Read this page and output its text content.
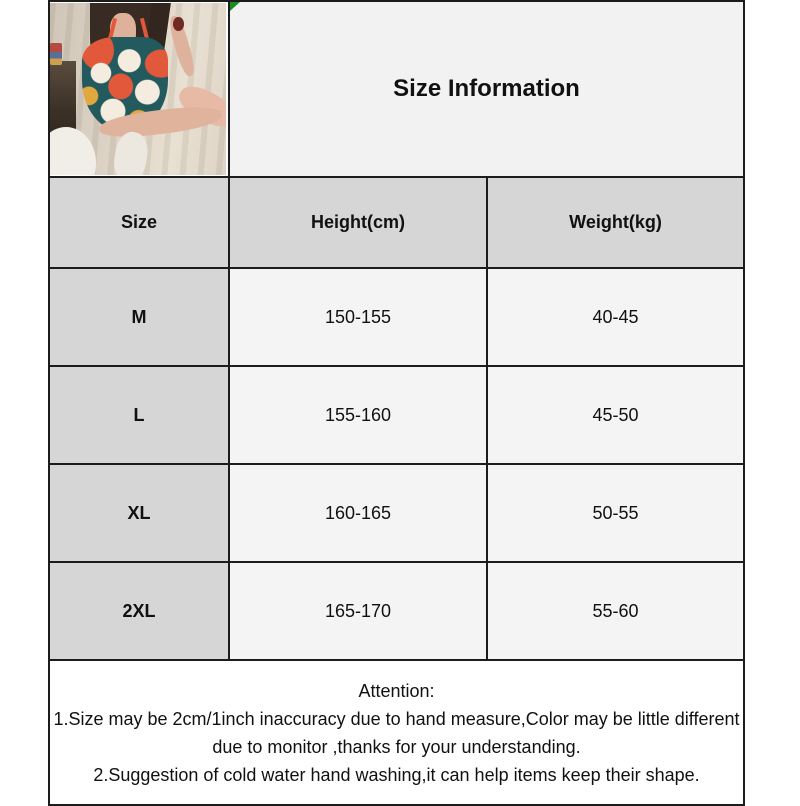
Size Information	
Size	Height(cm)	Weight(kg)
M	150-155	40-45
L	155-160	45-50
XL	160-165	50-55
2XL	165-170	55-60

Attention:

1.Size may be 2cm/1inch inaccuracy due to hand measure,Color may be little different due to monitor ,thanks for your understanding.

2.Suggestion of cold water hand washing,it can help items keep their shape.		
